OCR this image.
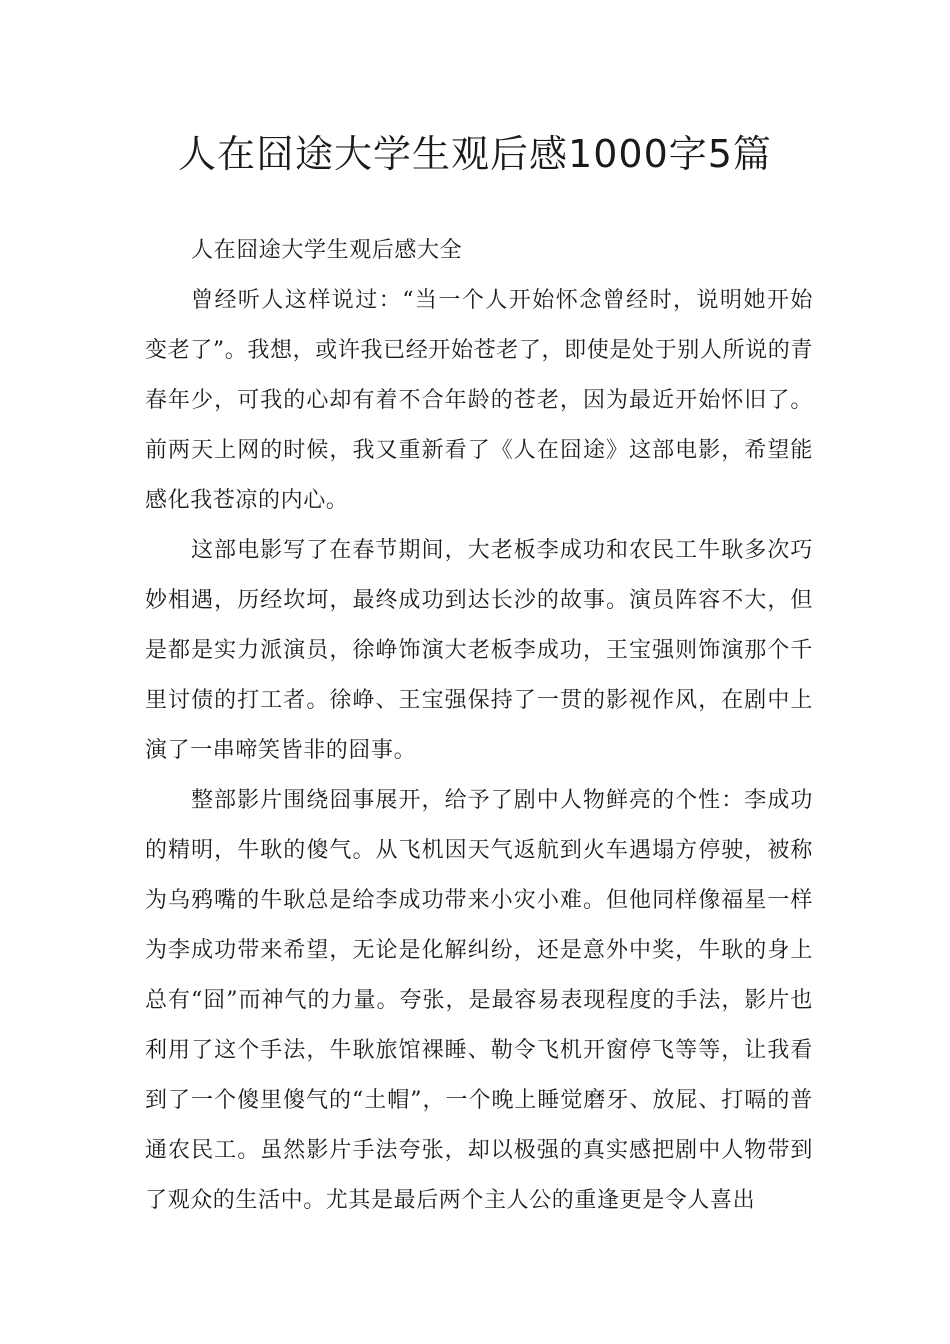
人在囧途大学生观后感1000字5篇

人在囧途大学生观后感大全

曾经听人这样说过：“当一个人开始怀念曾经时，说明她开始变老了”。我想，或许我已经开始苍老了，即使是处于别人所说的青春年少，可我的心却有着不合年龄的苍老，因为最近开始怀旧了。前两天上网的时候，我又重新看了《人在囧途》这部电影，希望能感化我苍凉的内心。

这部电影写了在春节期间，大老板李成功和农民工牛耿多次巧妙相遇，历经坎坷，最终成功到达长沙的故事。演员阵容不大，但是都是实力派演员，徐峥饰演大老板李成功，王宝强则饰演那个千里讨债的打工者。徐峥、王宝强保持了一贯的影视作风，在剧中上演了一串啼笑皆非的囧事。

整部影片围绕囧事展开，给予了剧中人物鲜亮的个性：李成功的精明，牛耿的傻气。从飞机因天气返航到火车遇塌方停驶，被称为乌鸦嘴的牛耿总是给李成功带来小灾小难。但他同样像福星一样为李成功带来希望，无论是化解纠纷，还是意外中奖，牛耿的身上总有“囧”而神气的力量。夸张，是最容易表现程度的手法，影片也利用了这个手法，牛耿旅馆裸睡、勒令飞机开窗停飞等等，让我看到了一个傻里傻气的“土帽”，一个晚上睡觉磨牙、放屁、打嗝的普通农民工。虽然影片手法夸张，却以极强的真实感把剧中人物带到了观众的生活中。尤其是最后两个主人公的重逢更是令人喜出
